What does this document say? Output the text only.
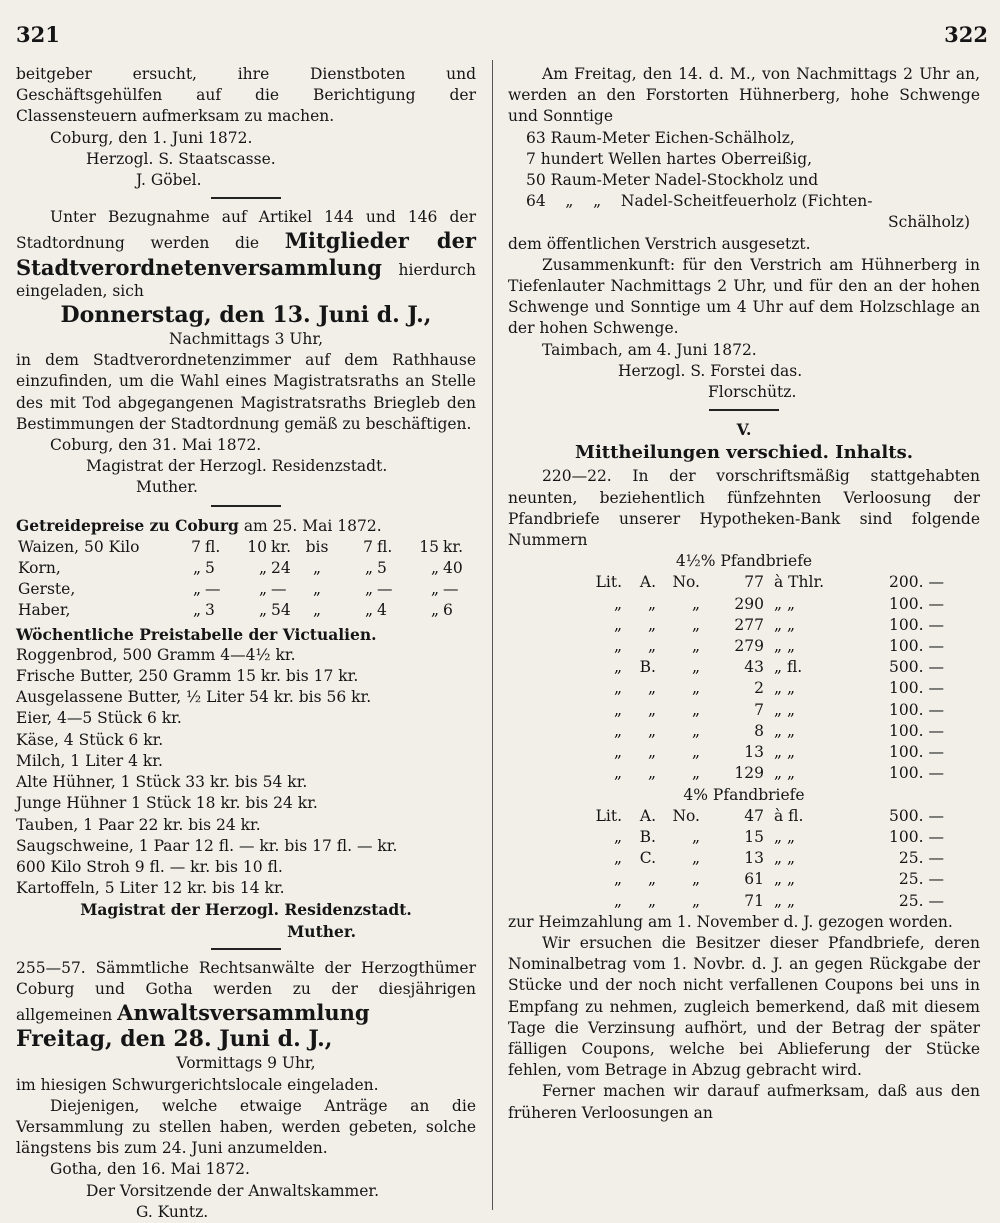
321	322

beitgeber ersucht, ihre Dienstboten und Geschäftsgehülfen auf die Berichtigung der Classensteuern aufmerksam zu machen.

Coburg, den 1. Juni 1872.

Herzogl. S. Staatscasse.

J. Göbel.

Unter Bezugnahme auf Artikel 144 und 146 der Stadtordnung werden die Mitglieder der Stadtverordnetenversammlung hierdurch eingeladen, sich

Donnerstag, den 13. Juni d. J.,

Nachmittags 3 Uhr,

in dem Stadtverordnetenzimmer auf dem Rathhause einzufinden, um die Wahl eines Magistratsraths an Stelle des mit Tod abgegangenen Magistratsraths Briegleb den Bestimmungen der Stadtordnung gemäß zu beschäftigen.

Coburg, den 31. Mai 1872.

Magistrat der Herzogl. Residenzstadt.

Muther.

Getreidepreise zu Coburg am 25. Mai 1872.

Waizen, 50 Kilo	7	fl.	10	kr.	bis	7	fl.	15	kr.
Korn,	„	5	„	24	„	„	5	„	40
Gerste,	„	—	„	—	„	„	—	„	—
Haber,	„	3	„	54	„	„	4	„	6

Wöchentliche Preistabelle der Victualien.

Roggenbrod, 500 Gramm 4—4½ kr.

Frische Butter, 250 Gramm 15 kr. bis 17 kr.

Ausgelassene Butter, ½ Liter 54 kr. bis 56 kr.

Eier, 4—5 Stück 6 kr.

Käse, 4 Stück 6 kr.

Milch, 1 Liter 4 kr.

Alte Hühner, 1 Stück 33 kr. bis 54 kr.

Junge Hühner 1 Stück 18 kr. bis 24 kr.

Tauben, 1 Paar 22 kr. bis 24 kr.

Saugschweine, 1 Paar 12 fl. — kr. bis 17 fl. — kr.

600 Kilo Stroh 9 fl. — kr. bis 10 fl.

Kartoffeln, 5 Liter 12 kr. bis 14 kr.

Magistrat der Herzogl. Residenzstadt.

Muther.

255—57. Sämmtliche Rechtsanwälte der Herzogthümer Coburg und Gotha werden zu der diesjährigen allgemeinen Anwaltsversammlung

Freitag, den 28. Juni d. J.,

Vormittags 9 Uhr,

im hiesigen Schwurgerichtslocale eingeladen.

Diejenigen, welche etwaige Anträge an die Versammlung zu stellen haben, werden gebeten, solche längstens bis zum 24. Juni anzumelden.

Gotha, den 16. Mai 1872.

Der Vorsitzende der Anwaltskammer.

G. Kuntz.

Am Freitag, den 14. d. M., von Nachmittags 2 Uhr an, werden an den Forstorten Hühnerberg, hohe Schwenge und Sonntige

63 Raum-Meter Eichen-Schälholz,

7 hundert Wellen hartes Oberreißig,

50 Raum-Meter Nadel-Stockholz und

64    „    „    Nadel-Scheitfeuerholz (Fichten-

Schälholz)

dem öffentlichen Verstrich ausgesetzt.

Zusammenkunft: für den Verstrich am Hühnerberg in Tiefenlauter Nachmittags 2 Uhr, und für den an der hohen Schwenge und Sonntige um 4 Uhr auf dem Holzschlage an der hohen Schwenge.

Taimbach, am 4. Juni 1872.

Herzogl. S. Forstei das.

Florschütz.

V.

Mittheilungen verschied. Inhalts.

220—22. In der vorschriftsmäßig stattgehabten neunten, beziehentlich fünfzehnten Verloosung der Pfandbriefe unserer Hypotheken-Bank sind folgende Nummern

4½% Pfandbriefe

Lit.	A.	No.	77	à Thlr.	200. —
„	„	„	290	„ „	100. —
„	„	„	277	„ „	100. —
„	„	„	279	„ „	100. —
„	B.	„	43	„ fl.	500. —
„	„	„	2	„ „	100. —
„	„	„	7	„ „	100. —
„	„	„	8	„ „	100. —
„	„	„	13	„ „	100. —
„	„	„	129	„ „	100. —

4% Pfandbriefe

Lit.	A.	No.	47	à fl.	500. —
„	B.	„	15	„ „	100. —
„	C.	„	13	„ „	25. —
„	„	„	61	„ „	25. —
„	„	„	71	„ „	25. —

zur Heimzahlung am 1. November d. J. gezogen worden.

Wir ersuchen die Besitzer dieser Pfandbriefe, deren Nominalbetrag vom 1. Novbr. d. J. an gegen Rückgabe der Stücke und der noch nicht verfallenen Coupons bei uns in Empfang zu nehmen, zugleich bemerkend, daß mit diesem Tage die Verzinsung aufhört, und der Betrag der später fälligen Coupons, welche bei Ablieferung der Stücke fehlen, vom Betrage in Abzug gebracht wird.

Ferner machen wir darauf aufmerksam, daß aus den früheren Verloosungen an
